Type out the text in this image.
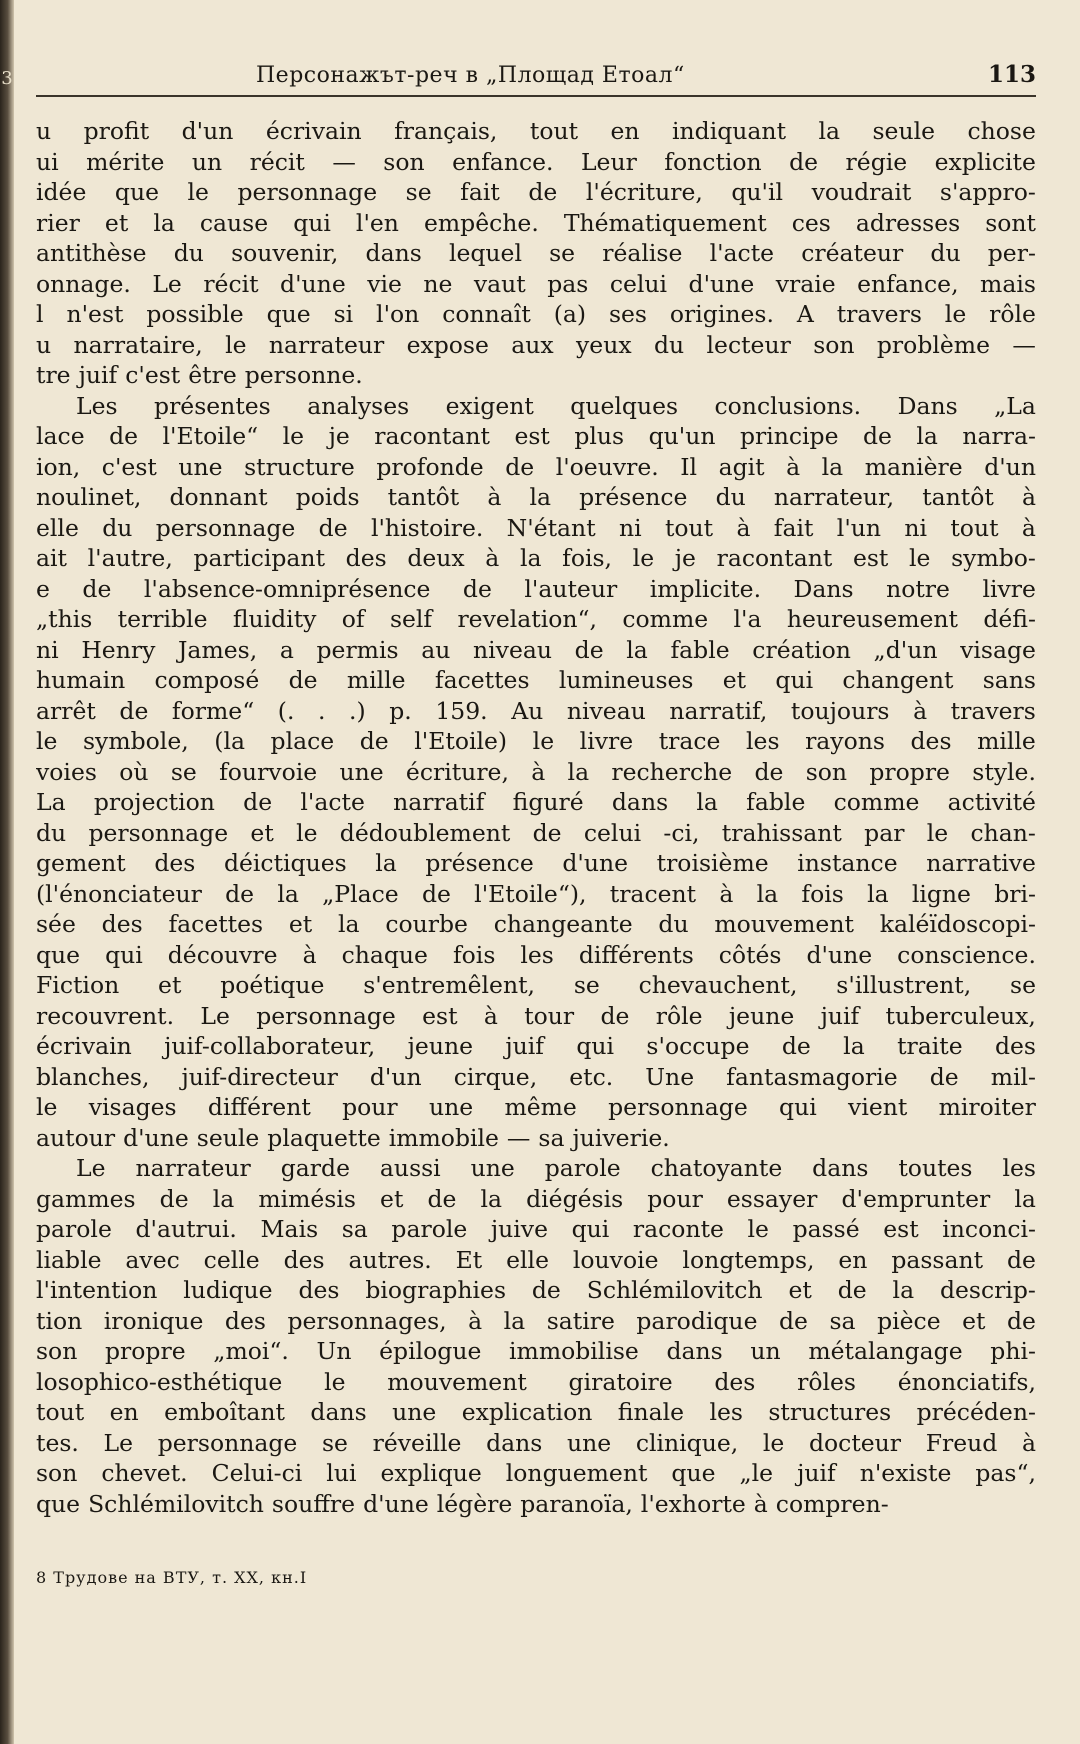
3	Персонажът-реч в „Площад Етоал“	113
u profit d'un écrivain français, tout en indiquant la seule chose
ui mérite un récit — son enfance. Leur fonction de régie explicite
idée que le personnage se fait de l'écriture, qu'il voudrait s'appro-
rier et la cause qui l'en empêche. Thématiquement ces adresses sont
antithèse du souvenir, dans lequel se réalise l'acte créateur du per-
onnage. Le récit d'une vie ne vaut pas celui d'une vraie enfance, mais
l n'est possible que si l'on connaît (a) ses origines. A travers le rôle
u narrataire, le narrateur expose aux yeux du lecteur son problème —
tre juif c'est être personne.
Les présentes analyses exigent quelques conclusions. Dans „La
lace de l'Etoile“ le je racontant est plus qu'un principe de la narra-
ion, c'est une structure profonde de l'oeuvre. Il agit à la manière d'un
noulinet, donnant poids tantôt à la présence du narrateur, tantôt à
elle du personnage de l'histoire. N'étant ni tout à fait l'un ni tout à
ait l'autre, participant des deux à la fois, le je racontant est le symbo-
e de l'absence-omniprésence de l'auteur implicite. Dans notre livre
„this terrible fluidity of self revelation“, comme l'a heureusement défi-
ni Henry James, a permis au niveau de la fable création „d'un visage
humain composé de mille facettes lumineuses et qui changent sans
arrêt de forme“ (. . .) p. 159. Au niveau narratif, toujours à travers
le symbole, (la place de l'Etoile) le livre trace les rayons des mille
voies où se fourvoie une écriture, à la recherche de son propre style.
La projection de l'acte narratif figuré dans la fable comme activité
du personnage et le dédoublement de celui -ci, trahissant par le chan-
gement des déictiques la présence d'une troisième instance narrative
(l'énonciateur de la „Place de l'Etoile“), tracent à la fois la ligne bri-
sée des facettes et la courbe changeante du mouvement kaléïdoscopi-
que qui découvre à chaque fois les différents côtés d'une conscience.
Fiction et poétique s'entremêlent, se chevauchent, s'illustrent, se
recouvrent. Le personnage est à tour de rôle jeune juif tuberculeux,
écrivain juif-collaborateur, jeune juif qui s'occupe de la traite des
blanches, juif-directeur d'un cirque, etc. Une fantasmagorie de mil-
le visages différent pour une même personnage qui vient miroiter
autour d'une seule plaquette immobile — sa juiverie.
Le narrateur garde aussi une parole chatoyante dans toutes les
gammes de la mimésis et de la diégésis pour essayer d'emprunter la
parole d'autrui. Mais sa parole juive qui raconte le passé est inconci-
liable avec celle des autres. Et elle louvoie longtemps, en passant de
l'intention ludique des biographies de Schlémilovitch et de la descrip-
tion ironique des personnages, à la satire parodique de sa pièce et de
son propre „moi“. Un épilogue immobilise dans un métalangage phi-
losophico-esthétique le mouvement giratoire des rôles énonciatifs,
tout en emboîtant dans une explication finale les structures précéden-
tes. Le personnage se réveille dans une clinique, le docteur Freud à
son chevet. Celui-ci lui explique longuement que „le juif n'existe pas“,
que Schlémilovitch souffre d'une légère paranoïa, l'exhorte à compren-
8 Трудове на ВТУ, т. XX, кн.I
